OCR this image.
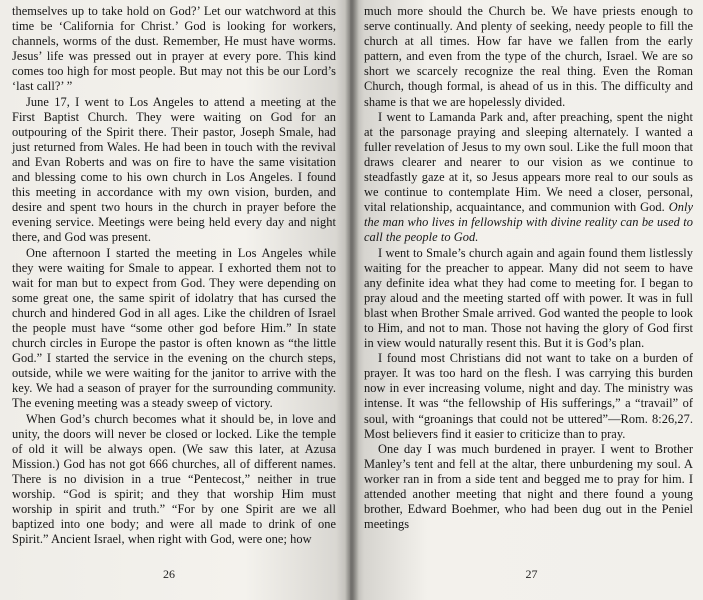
themselves up to take hold on God?’ Let our watchword at this time be ‘California for Christ.’ God is looking for workers, channels, worms of the dust. Remember, He must have worms. Jesus’ life was pressed out in prayer at every pore. This kind comes too high for most people. But may not this be our Lord’s ‘last call?’ ”

June 17, I went to Los Angeles to attend a meeting at the First Baptist Church. They were waiting on God for an outpouring of the Spirit there. Their pastor, Joseph Smale, had just returned from Wales. He had been in touch with the revival and Evan Roberts and was on fire to have the same visitation and blessing come to his own church in Los Angeles. I found this meeting in accordance with my own vision, burden, and desire and spent two hours in the church in prayer before the evening service. Meetings were being held every day and night there, and God was present.

One afternoon I started the meeting in Los Angeles while they were waiting for Smale to appear. I exhorted them not to wait for man but to expect from God. They were depending on some great one, the same spirit of idolatry that has cursed the church and hindered God in all ages. Like the children of Israel the people must have “some other god before Him.” In state church circles in Europe the pastor is often known as “the little God.” I started the service in the evening on the church steps, outside, while we were waiting for the janitor to arrive with the key. We had a season of prayer for the surrounding community. The evening meeting was a steady sweep of victory.

When God’s church becomes what it should be, in love and unity, the doors will never be closed or locked. Like the temple of old it will be always open. (We saw this later, at Azusa Mission.) God has not got 666 churches, all of different names. There is no division in a true “Pentecost,” neither in true worship. “God is spirit; and they that worship Him must worship in spirit and truth.” “For by one Spirit are we all baptized into one body; and were all made to drink of one Spirit.” Ancient Israel, when right with God, were one; how

26

much more should the Church be. We have priests enough to serve continually. And plenty of seeking, needy people to fill the church at all times. How far have we fallen from the early pattern, and even from the type of the church, Israel. We are so short we scarcely recognize the real thing. Even the Roman Church, though formal, is ahead of us in this. The difficulty and shame is that we are hopelessly divided.

I went to Lamanda Park and, after preaching, spent the night at the parsonage praying and sleeping alternately. I wanted a fuller revelation of Jesus to my own soul. Like the full moon that draws clearer and nearer to our vision as we continue to steadfastly gaze at it, so Jesus appears more real to our souls as we continue to contemplate Him. We need a closer, personal, vital relationship, acquaintance, and communion with God. Only the man who lives in fellowship with divine reality can be used to call the people to God.

I went to Smale’s church again and again found them listlessly waiting for the preacher to appear. Many did not seem to have any definite idea what they had come to meeting for. I began to pray aloud and the meeting started off with power. It was in full blast when Brother Smale arrived. God wanted the people to look to Him, and not to man. Those not having the glory of God first in view would naturally resent this. But it is God’s plan.

I found most Christians did not want to take on a burden of prayer. It was too hard on the flesh. I was carrying this burden now in ever increasing volume, night and day. The ministry was intense. It was “the fellowship of His sufferings,” a “travail” of soul, with “groanings that could not be uttered”—Rom. 8:26,27. Most believers find it easier to criticize than to pray.

One day I was much burdened in prayer. I went to Brother Manley’s tent and fell at the altar, there unburdening my soul. A worker ran in from a side tent and begged me to pray for him. I attended another meeting that night and there found a young brother, Edward Boehmer, who had been dug out in the Peniel meetings

27
